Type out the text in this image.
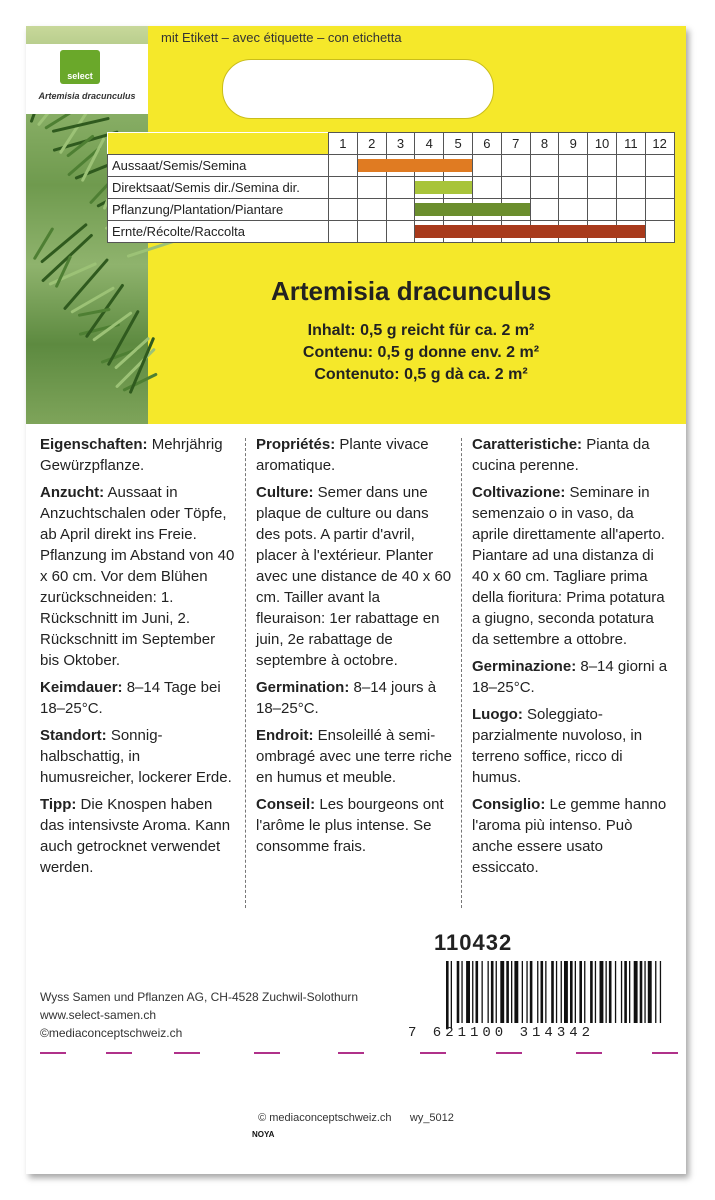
select
Artemisia dracunculus
mit Etikett – avec étiquette – con etichetta
	1	2	3	4	5	6	7	8	9	10	11	12
Aussaat/Semis/Semina		

Direktsaat/Semis dir./Semina dir.				

Pflanzung/Plantation/Piantare				

Ernte/Récolte/Raccolta				

Artemisia dracunculus
Inhalt: 0,5 g reicht für ca. 2 m²
Contenu: 0,5 g donne env. 2 m²
Contenuto: 0,5 g dà ca. 2 m²

Eigenschaften: Mehrjährig Gewürzpflanze.

Anzucht: Aussaat in Anzuchtschalen oder Töpfe, ab April direkt ins Freie. Pflanzung im Abstand von 40 x 60 cm. Vor dem Blühen zurückschneiden: 1. Rückschnitt im Juni, 2. Rückschnitt im September bis Oktober.

Keimdauer: 8–14 Tage bei 18–25°C.

Standort: Sonnig-halbschattig, in humusreicher, lockerer Erde.

Tipp: Die Knospen haben das intensivste Aroma. Kann auch getrocknet verwendet werden.

Propriétés: Plante vivace aromatique.

Culture: Semer dans une plaque de culture ou dans des pots. A partir d'avril, placer à l'extérieur. Planter avec une distance de 40 x 60 cm. Tailler avant la fleuraison: 1er rabattage en juin, 2e rabattage de septembre à octobre.

Germination: 8–14 jours à 18–25°C.

Endroit: Ensoleillé à semi-ombragé avec une terre riche en humus et meuble.

Conseil: Les bourgeons ont l'arôme le plus intense. Se consomme frais.

Caratteristiche: Pianta da cucina perenne.

Coltivazione: Seminare in semenzaio o in vaso, da aprile direttamente all'aperto. Piantare ad una distanza di 40 x 60 cm. Tagliare prima della fioritura: Prima potatura a giugno, seconda potatura da settembre a ottobre.

Germinazione: 8–14 giorni a 18–25°C.

Luogo: Soleggiato-parzialmente nuvoloso, in terreno soffice, ricco di humus.

Consiglio: Le gemme hanno l'aroma più intenso. Può anche essere usato essiccato.

110432
7 621100 314342
Wyss Samen und Pflanzen AG, CH-4528 Zuchwil-Solothurn
www.select-samen.ch
©mediaconceptschweiz.ch
© mediaconceptschweiz.ch wy_5012
NOYA
